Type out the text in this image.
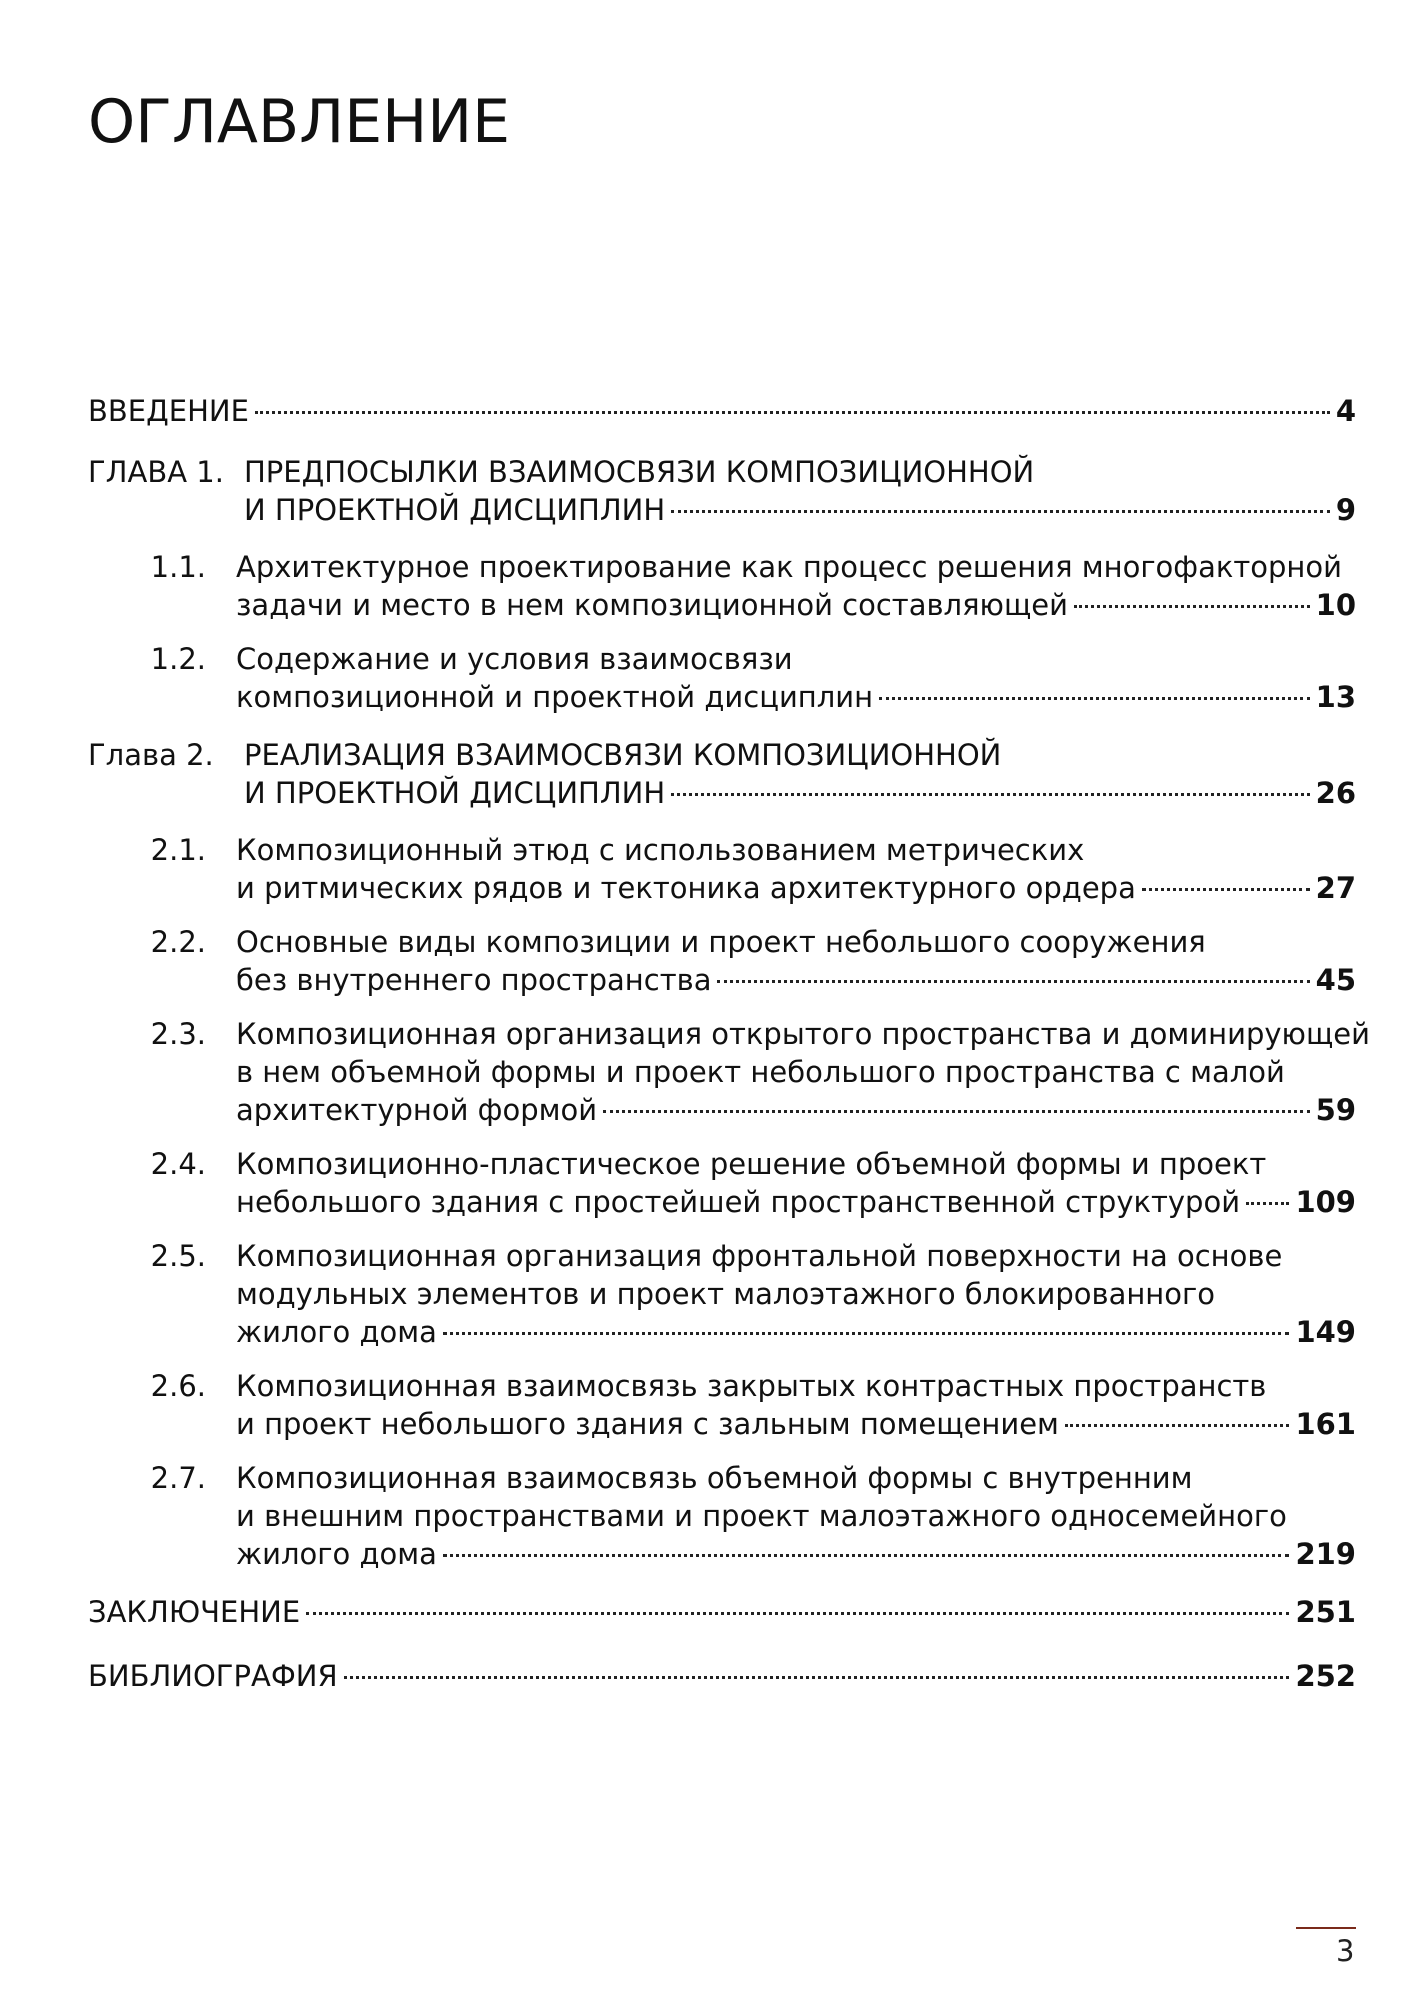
ОГЛАВЛЕНИЕ
ВВЕДЕНИЕ	4
ГЛАВА 1. ПРЕДПОСЫЛКИ ВЗАИМОСВЯЗИ КОМПОЗИЦИОННОЙ
И ПРОЕКТНОЙ ДИСЦИПЛИН	9
1.1. Архитектурное проектирование как процесс решения многофакторной
задачи и место в нем композиционной составляющей	10
1.2. Содержание и условия взаимосвязи
композиционной и проектной дисциплин	13
Глава 2.	РЕАЛИЗАЦИЯ ВЗАИМОСВЯЗИ КОМПОЗИЦИОННОЙ
И ПРОЕКТНОЙ ДИСЦИПЛИН	26
2.1. Композиционный этюд с использованием метрических
и ритмических рядов и тектоника архитектурного ордера	27
2.2. Основные виды композиции и проект небольшого сооружения
без внутреннего пространства	45
2.3. Композиционная организация открытого пространства и доминирующей
в нем объемной формы и проект небольшого пространства с малой
архитектурной формой	59
2.4. Композиционно-пластическое решение объемной формы и проект
небольшого здания с простейшей пространственной структурой 109
2.5. Композиционная организация фронтальной поверхности на основе
модульных элементов и проект малоэтажного блокированного
жилого дома	149
2.6. Композиционная взаимосвязь закрытых контрастных пространств
и проект небольшого здания с зальным помещением	161
2.7. Композиционная взаимосвязь объемной формы с внутренним
и внешним пространствами и проект малоэтажного односемейного
жилого дома	219
ЗАКЛЮЧЕНИЕ	251
БИБЛИОГРАФИЯ	252
3
